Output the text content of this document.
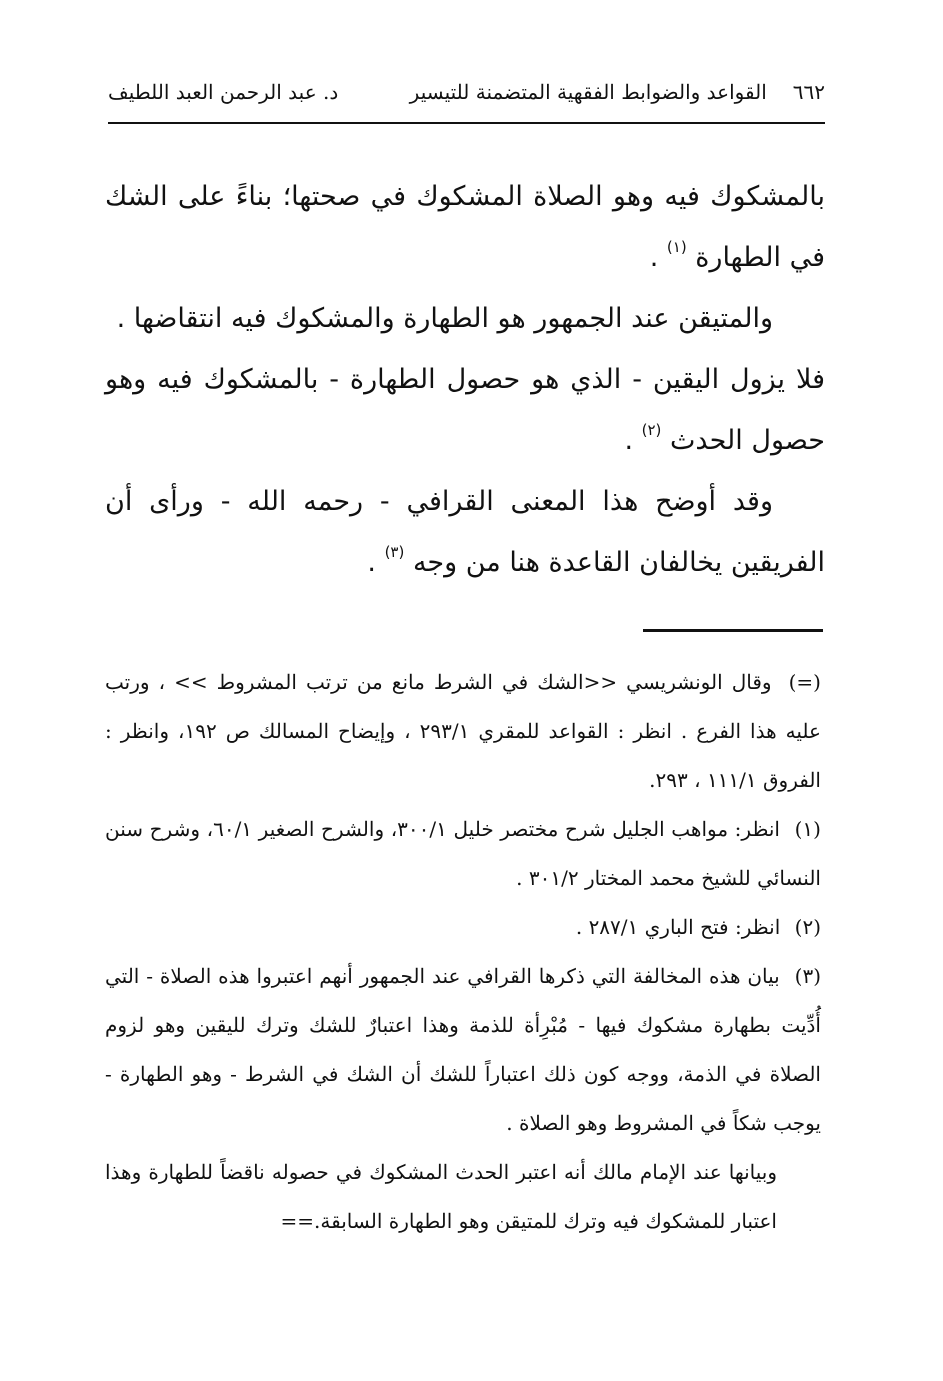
٦٦٢
القواعد والضوابط الفقهية المتضمنة للتيسير
د. عبد الرحمن العبد اللطيف

بالمشكوك فيه وهو الصلاة المشكوك في صحتها؛ بناءً على الشك في الطهارة $^{(١)}$ .

والمتيقن عند الجمهور هو الطهارة والمشكوك فيه انتقاضها .

فلا يزول اليقين - الذي هو حصول الطهارة - بالمشكوك فيه وهو حصول الحدث $^{(٢)}$ .

وقد أوضح هذا المعنى القرافي - رحمه الله - ورأى أن الفريقين يخالفان القاعدة هنا من وجه $^{(٣)}$ .

(=) وقال الونشريسي <<الشك في الشرط مانع من ترتب المشروط >> ، ورتب عليه هذا الفرع . انظر : القواعد للمقري ٢٩٣/١ ، وإيضاح المسالك ص ١٩٢، وانظر : الفروق ١١١/١ ، ٢٩٣.

(١) انظر: مواهب الجليل شرح مختصر خليل ٣٠٠/١، والشرح الصغير ٦٠/١، وشرح سنن النسائي للشيخ محمد المختار ٣٠١/٢ .

(٢) انظر: فتح الباري ٢٨٧/١ .

(٣) بيان هذه المخالفة التي ذكرها القرافي عند الجمهور أنهم اعتبروا هذه الصلاة - التي أُدِّيت بطهارة مشكوك فيها - مُبْرِأة للذمة وهذا اعتبارٌ للشك وترك لليقين وهو لزوم الصلاة في الذمة، ووجه كون ذلك اعتباراً للشك أن الشك في الشرط - وهو الطهارة - يوجب شكاً في المشروط وهو الصلاة .

وبيانها عند الإمام مالك أنه اعتبر الحدث المشكوك في حصوله ناقضاً للطهارة وهذا اعتبار للمشكوك فيه وترك للمتيقن وهو الطهارة السابقة.==
